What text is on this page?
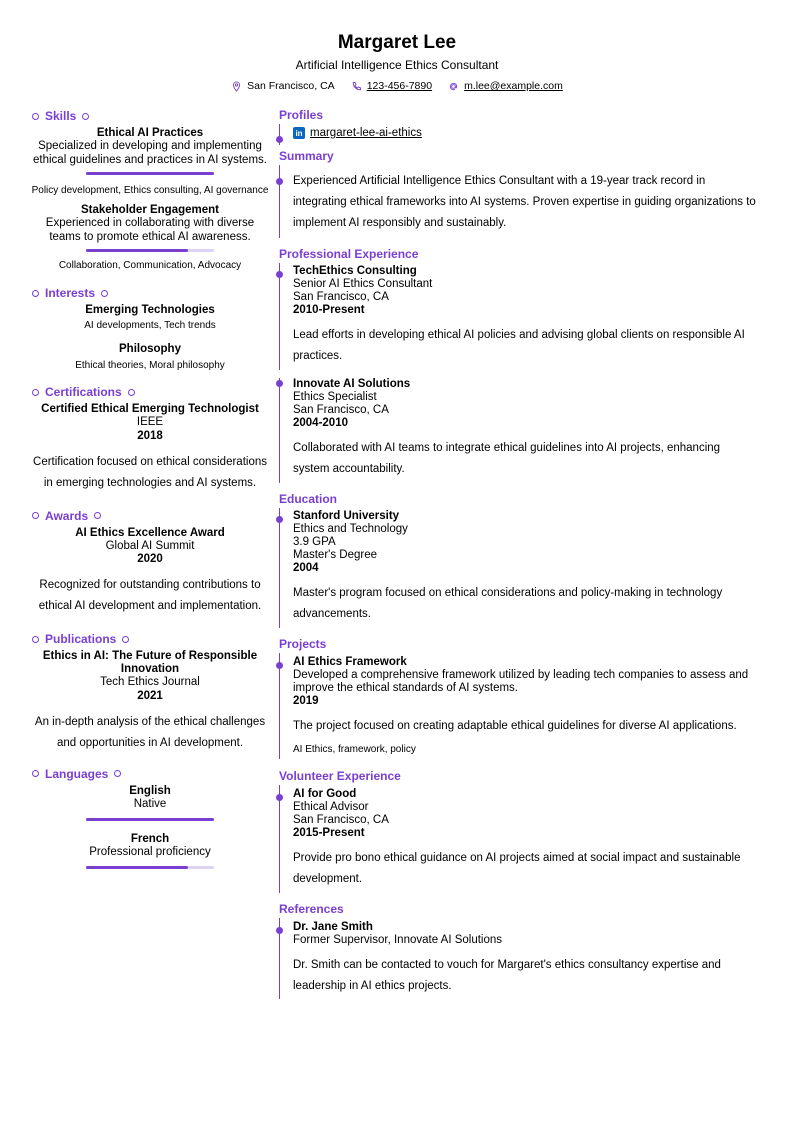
Margaret Lee
Artificial Intelligence Ethics Consultant
San Francisco, CA	123-456-7890	m.lee@example.com
Skills
Ethical AI Practices
Specialized in developing and implementing ethical guidelines and practices in AI systems.
Policy development, Ethics consulting, AI governance
Stakeholder Engagement
Experienced in collaborating with diverse teams to promote ethical AI awareness.
Collaboration, Communication, Advocacy
Interests
Emerging Technologies
AI developments, Tech trends
Philosophy
Ethical theories, Moral philosophy
Certifications
Certified Ethical Emerging Technologist
IEEE
2018
Certification focused on ethical considerations in emerging technologies and AI systems.
Awards
AI Ethics Excellence Award
Global AI Summit
2020
Recognized for outstanding contributions to ethical AI development and implementation.
Publications
Ethics in AI: The Future of Responsible Innovation
Tech Ethics Journal
2021
An in-depth analysis of the ethical challenges and opportunities in AI development.
Languages
English
Native
French
Professional proficiency
Profiles
in margaret-lee-ai-ethics
Summary
Experienced Artificial Intelligence Ethics Consultant with a 19-year track record in integrating ethical frameworks into AI systems. Proven expertise in guiding organizations to implement AI responsibly and sustainably.
Professional Experience
TechEthics Consulting
Senior AI Ethics Consultant
San Francisco, CA
2010-Present
Lead efforts in developing ethical AI policies and advising global clients on responsible AI practices.
Innovate AI Solutions
Ethics Specialist
San Francisco, CA
2004-2010
Collaborated with AI teams to integrate ethical guidelines into AI projects, enhancing system accountability.
Education
Stanford University
Ethics and Technology
3.9 GPA
Master's Degree
2004
Master's program focused on ethical considerations and policy-making in technology advancements.
Projects
AI Ethics Framework
Developed a comprehensive framework utilized by leading tech companies to assess and improve the ethical standards of AI systems.
2019
The project focused on creating adaptable ethical guidelines for diverse AI applications.
AI Ethics, framework, policy
Volunteer Experience
AI for Good
Ethical Advisor
San Francisco, CA
2015-Present
Provide pro bono ethical guidance on AI projects aimed at social impact and sustainable development.
References
Dr. Jane Smith
Former Supervisor, Innovate AI Solutions
Dr. Smith can be contacted to vouch for Margaret's ethics consultancy expertise and leadership in AI ethics projects.
